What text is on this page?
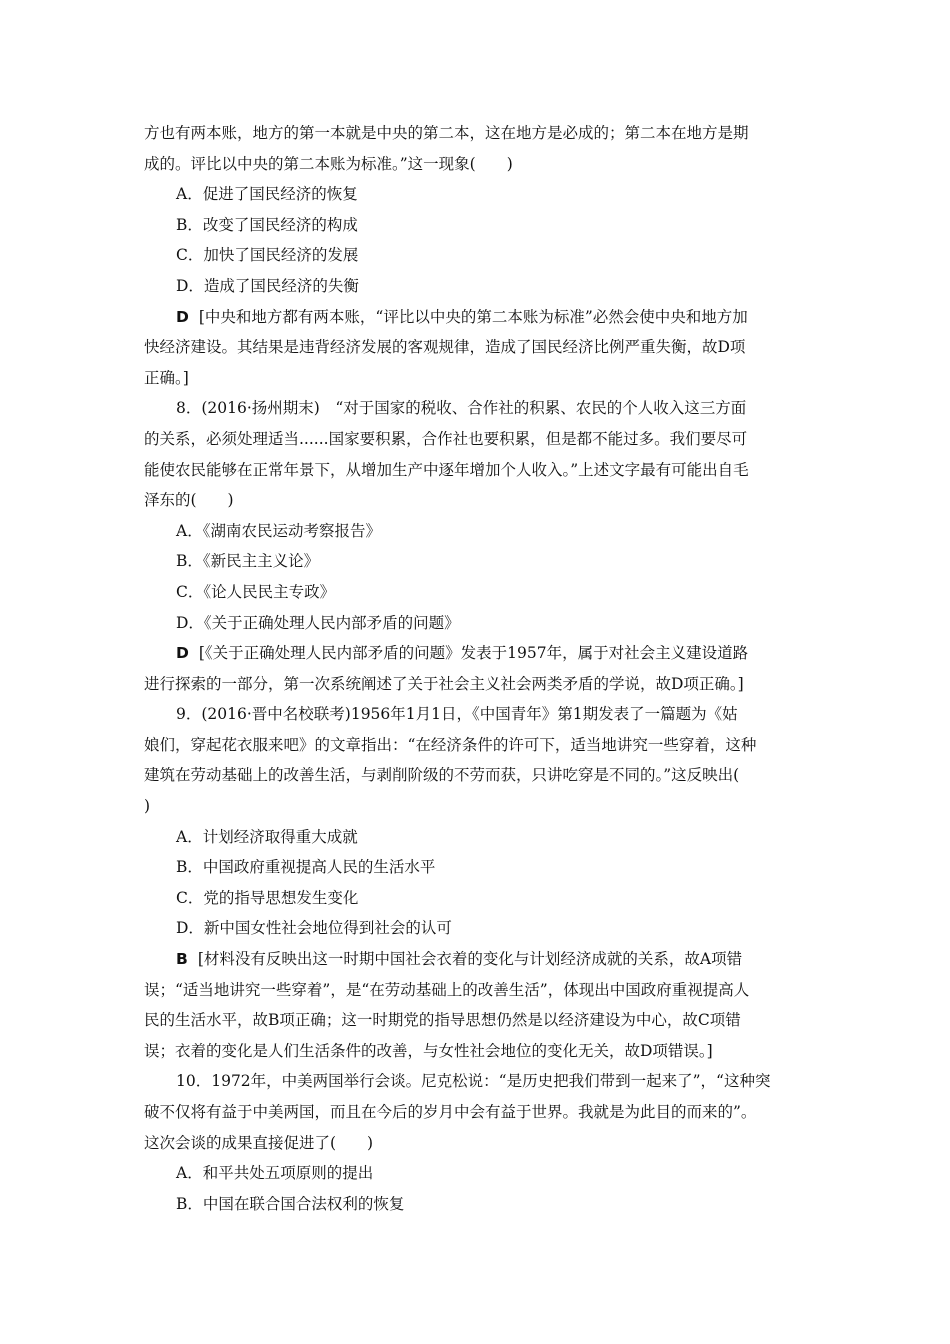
方也有两本账，地方的第一本就是中央的第二本，这在地方是必成的；第二本在地方是期

成的。评比以中央的第二本账为标准。”这一现象(　　)

A．促进了国民经济的恢复

B．改变了国民经济的构成

C．加快了国民经济的发展

D．造成了国民经济的失衡

D [中央和地方都有两本账，“评比以中央的第二本账为标准”必然会使中央和地方加

快经济建设。其结果是违背经济发展的客观规律，造成了国民经济比例严重失衡，故D项

正确。]

8．(2016·扬州期末)　“对于国家的税收、合作社的积累、农民的个人收入这三方面

的关系，必须处理适当......国家要积累，合作社也要积累，但是都不能过多。我们要尽可

能使农民能够在正常年景下，从增加生产中逐年增加个人收入。”上述文字最有可能出自毛

泽东的(　　)

A．《湖南农民运动考察报告》

B．《新民主主义论》

C．《论人民民主专政》

D．《关于正确处理人民内部矛盾的问题》

D [《关于正确处理人民内部矛盾的问题》发表于1957年，属于对社会主义建设道路

进行探索的一部分，第一次系统阐述了关于社会主义社会两类矛盾的学说，故D项正确。]

9．(2016·晋中名校联考)1956年1月1日，《中国青年》第1期发表了一篇题为《姑

娘们，穿起花衣服来吧》的文章指出：“在经济条件的许可下，适当地讲究一些穿着，这种

建筑在劳动基础上的改善生活，与剥削阶级的不劳而获，只讲吃穿是不同的。”这反映出(

)

A．计划经济取得重大成就

B．中国政府重视提高人民的生活水平

C．党的指导思想发生变化

D．新中国女性社会地位得到社会的认可

B [材料没有反映出这一时期中国社会衣着的变化与计划经济成就的关系，故A项错

误；“适当地讲究一些穿着”，是“在劳动基础上的改善生活”，体现出中国政府重视提高人

民的生活水平，故B项正确；这一时期党的指导思想仍然是以经济建设为中心，故C项错

误；衣着的变化是人们生活条件的改善，与女性社会地位的变化无关，故D项错误。]

10．1972年，中美两国举行会谈。尼克松说：“是历史把我们带到一起来了”，“这种突

破不仅将有益于中美两国，而且在今后的岁月中会有益于世界。我就是为此目的而来的”。

这次会谈的成果直接促进了(　　)

A．和平共处五项原则的提出

B．中国在联合国合法权利的恢复
